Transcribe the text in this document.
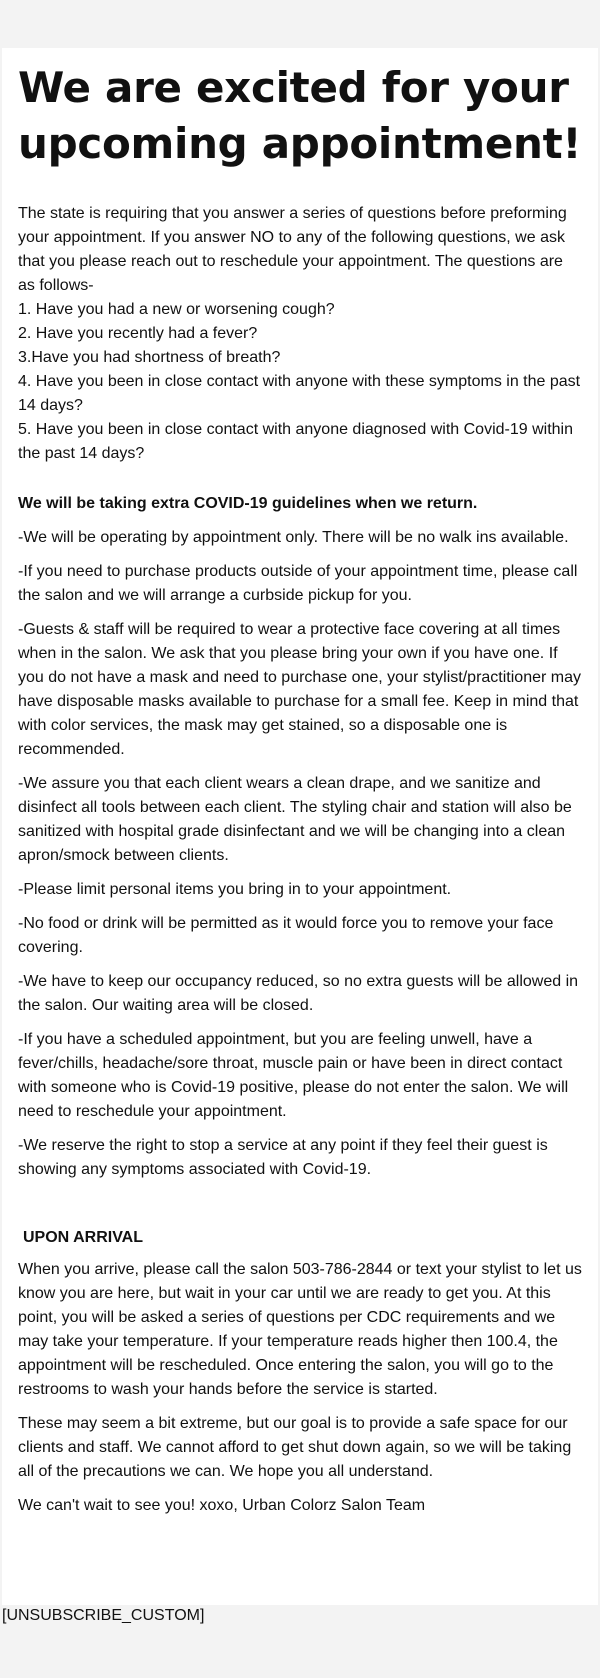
We are excited for your upcoming appointment!

The state is requiring that you answer a series of questions before preforming your appointment. If you answer NO to any of the following questions, we ask that you please reach out to reschedule your appointment. The questions are as follows-

1. Have you had a new or worsening cough?

2. Have you recently had a fever?

3.Have you had shortness of breath?

4. Have you been in close contact with anyone with these symptoms in the past 14 days?

5. Have you been in close contact with anyone diagnosed with Covid-19 within the past 14 days?

We will be taking extra COVID-19 guidelines when we return.

-We will be operating by appointment only. There will be no walk ins available.

-If you need to purchase products outside of your appointment time, please call the salon and we will arrange a curbside pickup for you.

-Guests & staff will be required to wear a protective face covering at all times when in the salon. We ask that you please bring your own if you have one. If you do not have a mask and need to purchase one, your stylist/practitioner may have disposable masks available to purchase for a small fee. Keep in mind that with color services, the mask may get stained, so a disposable one is recommended.

-We assure you that each client wears a clean drape, and we sanitize and disinfect all tools between each client. The styling chair and station will also be sanitized with hospital grade disinfectant and we will be changing into a clean apron/smock between clients.

-Please limit personal items you bring in to your appointment.

-No food or drink will be permitted as it would force you to remove your face covering.

-We have to keep our occupancy reduced, so no extra guests will be allowed in the salon. Our waiting area will be closed.

-If you have a scheduled appointment, but you are feeling unwell, have a fever/chills, headache/sore throat, muscle pain or have been in direct contact with someone who is Covid-19 positive, please do not enter the salon. We will need to reschedule your appointment.

-We reserve the right to stop a service at any point if they feel their guest is showing any symptoms associated with Covid-19.

UPON ARRIVAL

When you arrive, please call the salon 503-786-2844 or text your stylist to let us know you are here, but wait in your car until we are ready to get you. At this point, you will be asked a series of questions per CDC requirements and we may take your temperature. If your temperature reads higher then 100.4, the appointment will be rescheduled. Once entering the salon, you will go to the restrooms to wash your hands before the service is started.

These may seem a bit extreme, but our goal is to provide a safe space for our clients and staff. We cannot afford to get shut down again, so we will be taking all of the precautions we can. We hope you all understand.

We can't wait to see you! xoxo, Urban Colorz Salon Team

[UNSUBSCRIBE_CUSTOM]
